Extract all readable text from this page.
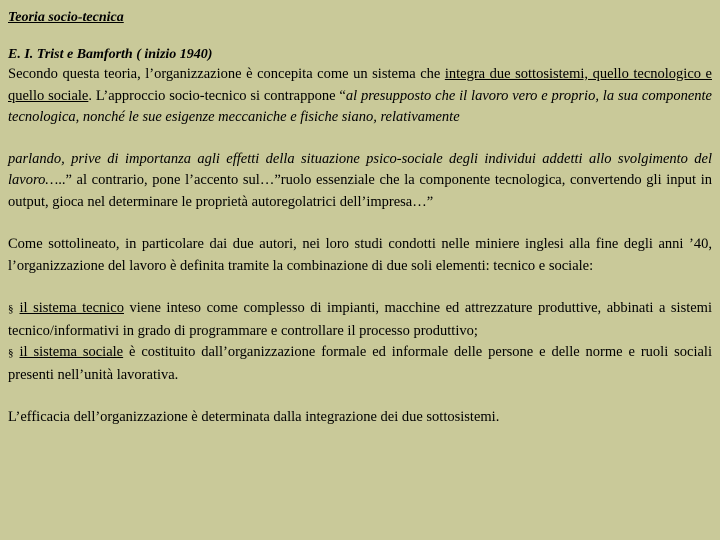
Teoria socio-tecnica
E. I. Trist e Bamforth ( inizio 1940)

Secondo questa teoria, l’organizzazione è concepita come un sistema che integra due sottosistemi, quello tecnologico e quello sociale. L’approccio socio-tecnico si contrappone “al presupposto che il lavoro vero e proprio, la sua componente tecnologica, nonché le sue esigenze meccaniche e fisiche siano, relativamente

parlando, prive di importanza agli effetti della situazione psico-sociale degli individui addetti allo svolgimento del lavoro…..” al contrario, pone l’accento sul…”ruolo essenziale che la componente tecnologica, convertendo gli input in output, gioca nel determinare le proprietà autoregolatrici dell’impresa…”

Come sottolineato, in particolare dai due autori, nei loro studi condotti nelle miniere inglesi alla fine degli anni ’40, l’organizzazione del lavoro è definita tramite la combinazione di due soli elementi: tecnico e sociale:

§ il sistema tecnico viene inteso come complesso di impianti, macchine ed attrezzature produttive, abbinati a sistemi tecnico/informativi in grado di programmare e controllare il processo produttivo;
§ il sistema sociale è costituito dall’organizzazione formale ed informale delle persone e delle norme e ruoli sociali presenti nell’unità lavorativa.

L’efficacia dell’organizzazione è determinata dalla integrazione dei due sottosistemi.
